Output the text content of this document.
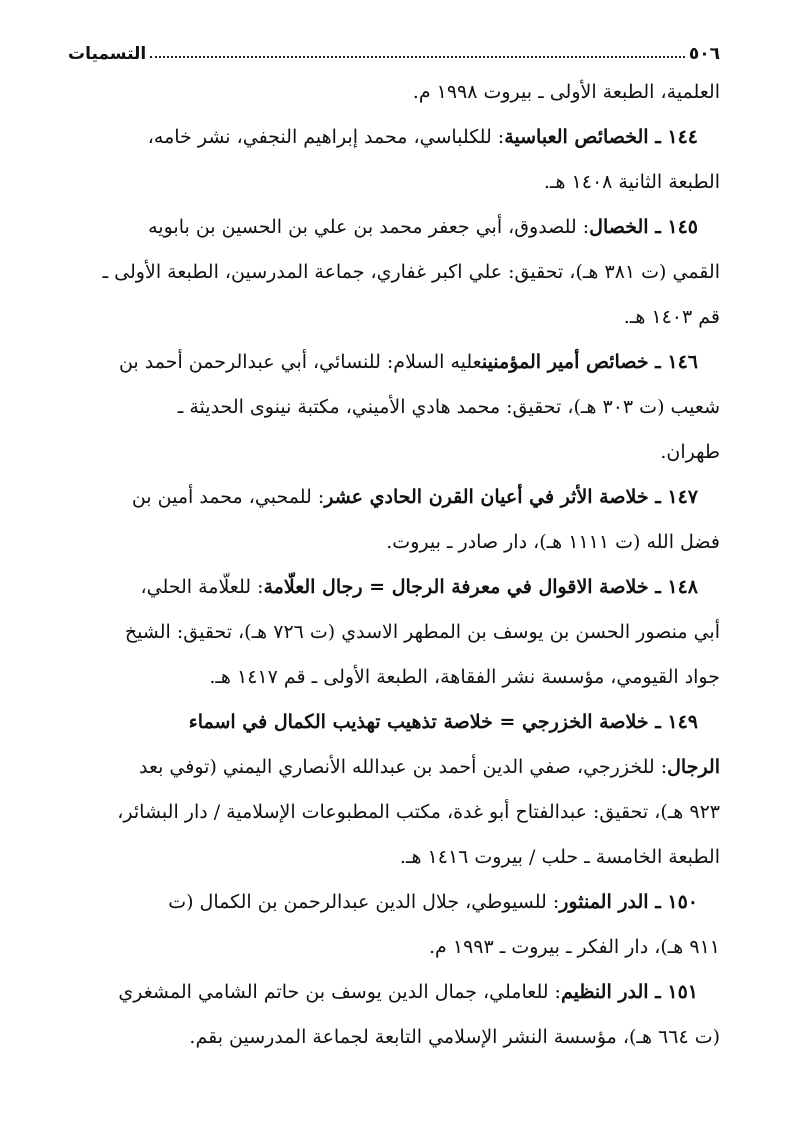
٥٠٦
التسميات
العلمية، الطبعة الأولى ـ بيروت ١٩٩٨ م.
١٤٤ ـ الخصائص العباسية: للكلباسي، محمد إبراهيم النجفي، نشر خامه،
الطبعة الثانية ١٤٠٨ هـ.
١٤٥ ـ الخصال: للصدوق، أبي جعفر محمد بن علي بن الحسين بن بابويه
القمي (ت ٣٨١ هـ)، تحقيق: علي اكبر غفاري، جماعة المدرسين، الطبعة الأولى ـ
قم ١٤٠٣ هـ.
١٤٦ ـ خصائص أمير المؤمنينعليه السلام: للنسائي، أبي عبدالرحمن أحمد بن
شعيب (ت ٣٠٣ هـ)، تحقيق: محمد هادي الأميني، مكتبة نينوى الحديثة ـ
طهران.
١٤٧ ـ خلاصة الأثر في أعيان القرن الحادي عشر: للمحبي، محمد أمين بن
فضل الله (ت ١١١١ هـ)، دار صادر ـ بيروت.
١٤٨ ـ خلاصة الاقوال في معرفة الرجال = رجال العلّامة: للعلّامة الحلي،
أبي منصور الحسن بن يوسف بن المطهر الاسدي (ت ٧٢٦ هـ)، تحقيق: الشيخ
جواد القيومي، مؤسسة نشر الفقاهة، الطبعة الأولى ـ قم ١٤١٧ هـ.
١٤٩ ـ خلاصة الخزرجي = خلاصة تذهيب تهذيب الكمال في اسماء
الرجال: للخزرجي، صفي الدين أحمد بن عبدالله الأنصاري اليمني (توفي بعد
٩٢٣ هـ)، تحقيق: عبدالفتاح أبو غدة، مكتب المطبوعات الإسلامية / دار البشائر،
الطبعة الخامسة ـ حلب / بيروت ١٤١٦ هـ.
١٥٠ ـ الدر المنثور: للسيوطي، جلال الدين عبدالرحمن بن الكمال (ت
٩١١ هـ)، دار الفكر ـ بيروت ـ ١٩٩٣ م.
١٥١ ـ الدر النظيم: للعاملي، جمال الدين يوسف بن حاتم الشامي المشغري
(ت ٦٦٤ هـ)، مؤسسة النشر الإسلامي التابعة لجماعة المدرسين بقم.
